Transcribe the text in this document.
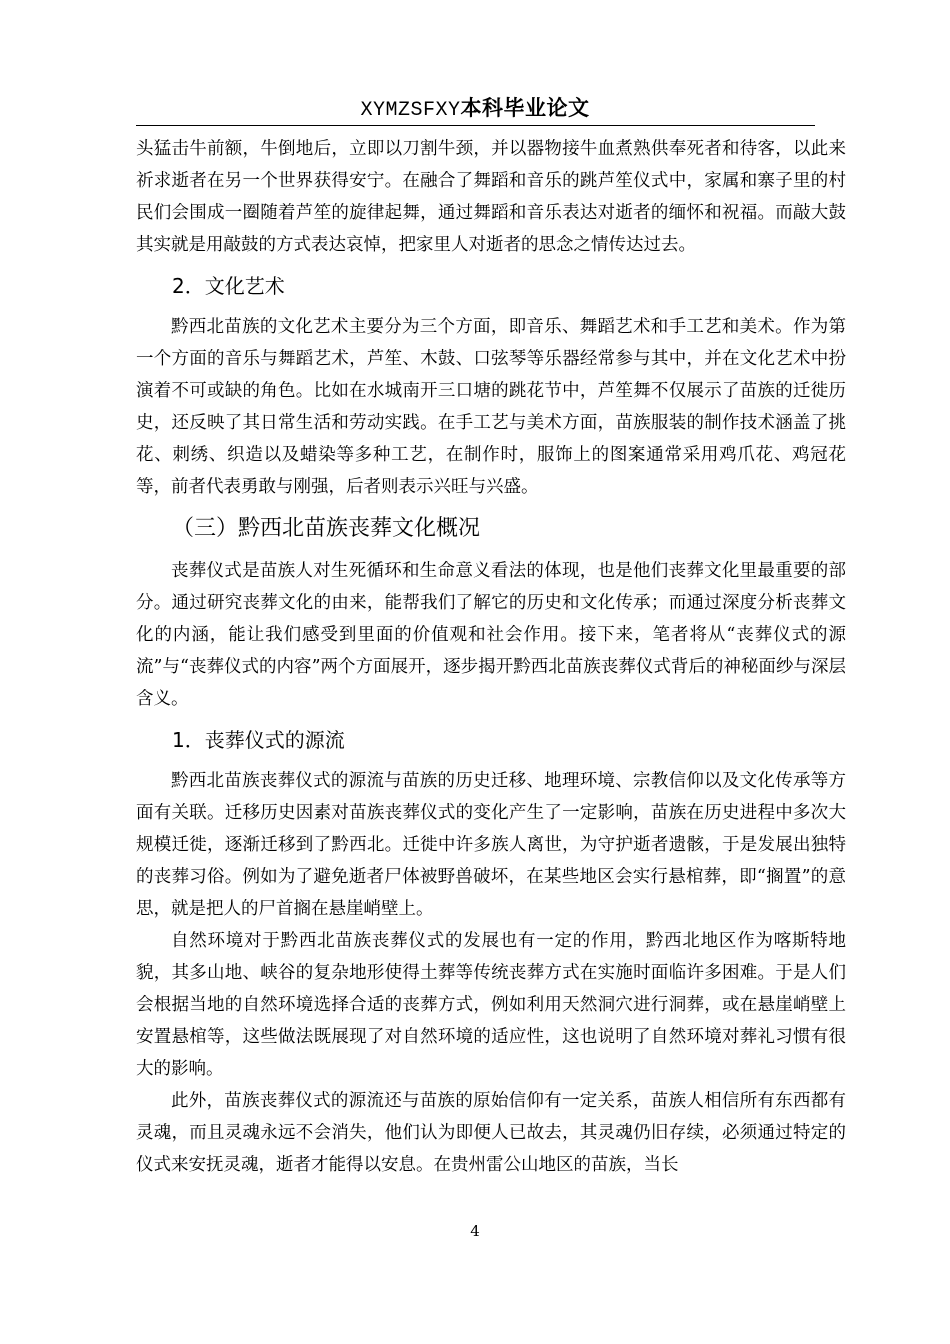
XYMZSFXY本科毕业论文

头猛击牛前额，牛倒地后，立即以刀割牛颈，并以器物接牛血煮熟供奉死者和待客，以此来祈求逝者在另一个世界获得安宁。在融合了舞蹈和音乐的跳芦笙仪式中，家属和寨子里的村民们会围成一圈随着芦笙的旋律起舞，通过舞蹈和音乐表达对逝者的缅怀和祝福。而敲大鼓其实就是用敲鼓的方式表达哀悼，把家里人对逝者的思念之情传达过去。

2．文化艺术

黔西北苗族的文化艺术主要分为三个方面，即音乐、舞蹈艺术和手工艺和美术。作为第一个方面的音乐与舞蹈艺术，芦笙、木鼓、口弦琴等乐器经常参与其中，并在文化艺术中扮演着不可或缺的角色。比如在水城南开三口塘的跳花节中，芦笙舞不仅展示了苗族的迁徙历史，还反映了其日常生活和劳动实践。在手工艺与美术方面，苗族服装的制作技术涵盖了挑花、刺绣、织造以及蜡染等多种工艺，在制作时，服饰上的图案通常采用鸡爪花、鸡冠花等，前者代表勇敢与刚强，后者则表示兴旺与兴盛。

（三）黔西北苗族丧葬文化概况

丧葬仪式是苗族人对生死循环和生命意义看法的体现，也是他们丧葬文化里最重要的部分。通过研究丧葬文化的由来，能帮我们了解它的历史和文化传承；而通过深度分析丧葬文化的内涵，能让我们感受到里面的价值观和社会作用。接下来，笔者将从“丧葬仪式的源流”与“丧葬仪式的内容”两个方面展开，逐步揭开黔西北苗族丧葬仪式背后的神秘面纱与深层含义。

1．丧葬仪式的源流

黔西北苗族丧葬仪式的源流与苗族的历史迁移、地理环境、宗教信仰以及文化传承等方面有关联。迁移历史因素对苗族丧葬仪式的变化产生了一定影响，苗族在历史进程中多次大规模迁徙，逐渐迁移到了黔西北。迁徙中许多族人离世，为守护逝者遗骸，于是发展出独特的丧葬习俗。例如为了避免逝者尸体被野兽破坏，在某些地区会实行悬棺葬，即“搁置”的意思，就是把人的尸首搁在悬崖峭壁上。

自然环境对于黔西北苗族丧葬仪式的发展也有一定的作用，黔西北地区作为喀斯特地貌，其多山地、峡谷的复杂地形使得土葬等传统丧葬方式在实施时面临许多困难。于是人们会根据当地的自然环境选择合适的丧葬方式，例如利用天然洞穴进行洞葬，或在悬崖峭壁上安置悬棺等，这些做法既展现了对自然环境的适应性，这也说明了自然环境对葬礼习惯有很大的影响。

此外，苗族丧葬仪式的源流还与苗族的原始信仰有一定关系，苗族人相信所有东西都有灵魂，而且灵魂永远不会消失，他们认为即便人已故去，其灵魂仍旧存续，必须通过特定的仪式来安抚灵魂，逝者才能得以安息。在贵州雷公山地区的苗族，当长

4
